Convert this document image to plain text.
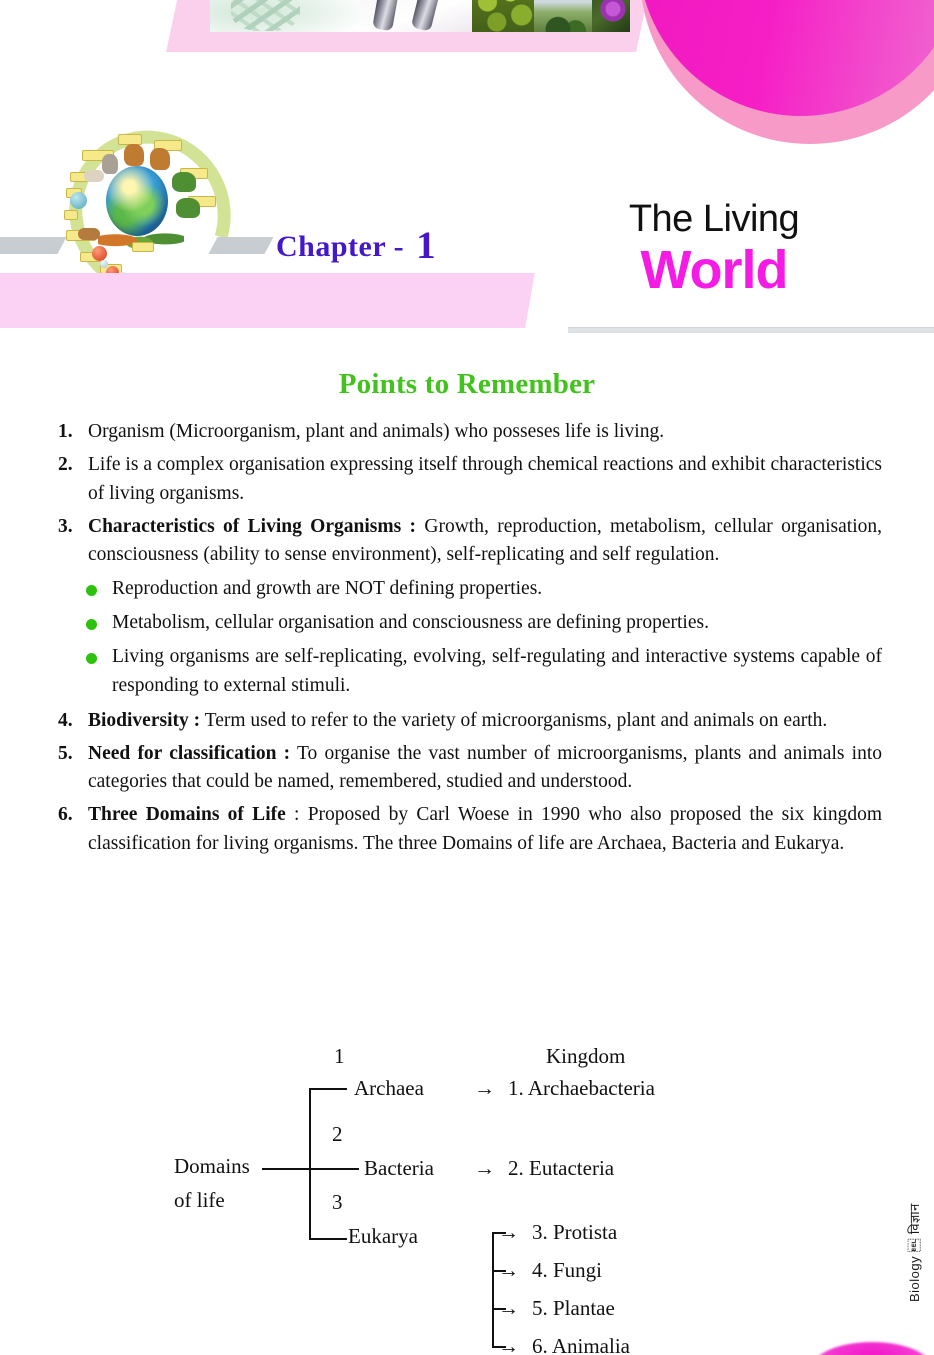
Chapter - 1
The Living
World
Points to Remember
1. Organism (Microorganism, plant and animals) who posseses life is living.
2. Life is a complex organisation expressing itself through chemical reactions and exhibit characteristics of living organisms.
3. Characteristics of Living Organisms : Growth, reproduction, metabolism, cellular organisation, consciousness (ability to sense environment), self-replicating and self regulation.
Reproduction and growth are NOT defining properties.
Metabolism, cellular organisation and consciousness are defining properties.
Living organisms are self-replicating, evolving, self-regulating and interactive systems capable of responding to external stimuli.
4. Biodiversity : Term used to refer to the variety of microorganisms, plant and animals on earth.
5. Need for classification : To organise the vast number of microorganisms, plants and animals into categories that could be named, remembered, studied and understood.
6. Three Domains of Life : Proposed by Carl Woese in 1990 who also proposed the six kingdom classification for living organisms. The three Domains of life are Archaea, Bacteria and Eukarya.
1	Kingdom
Domains
of life
Archaea → 1. Archaebacteria
2
Bacteria → 2. Eutacteria
3
Eukarya	→ 3. Protista
→ 4. Fungi
→ 5. Plantae
→ 6. Animalia
Biology  विज्ञान
